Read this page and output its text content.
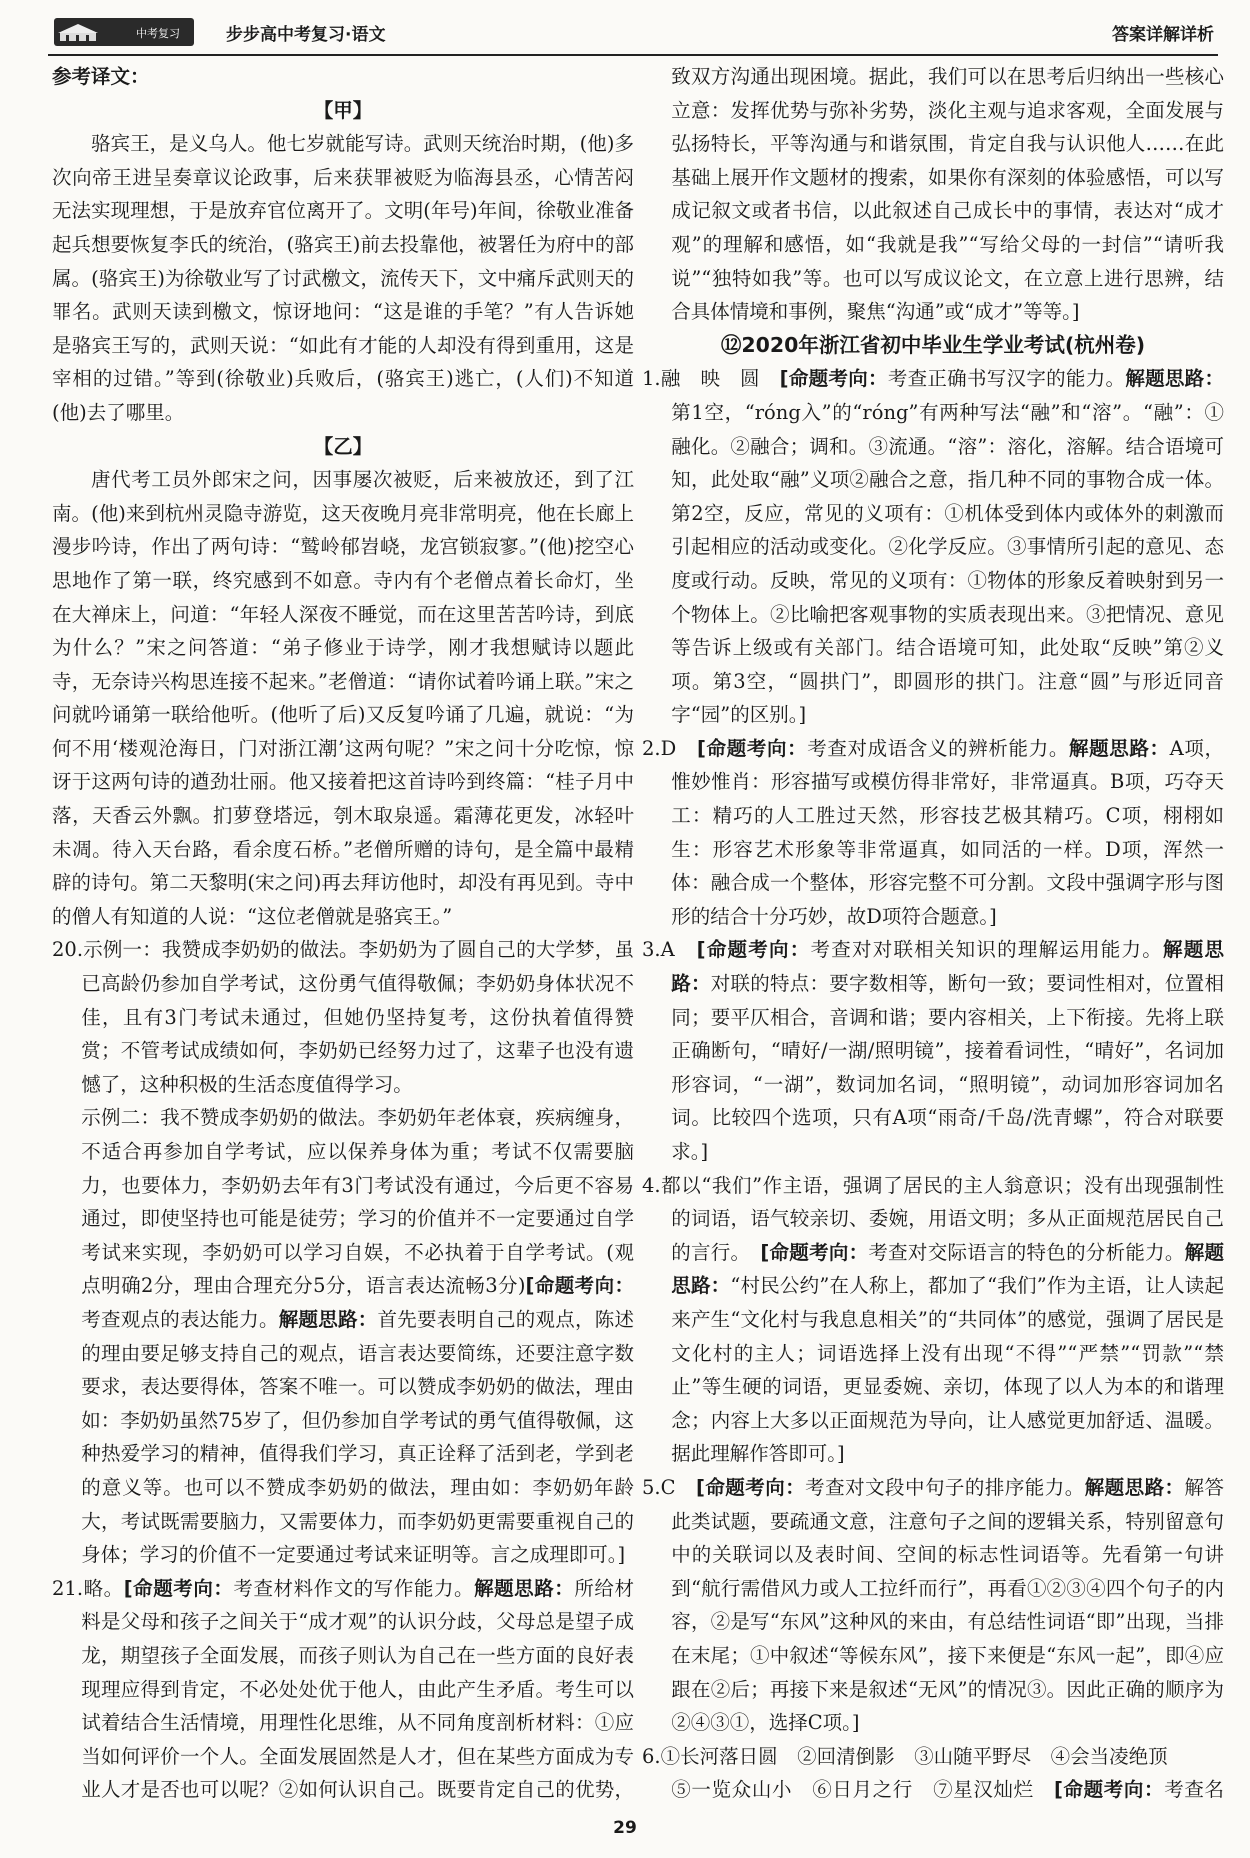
中考复习	步步高中考复习·语文	答案详解详析

参考译文：

【甲】

骆宾王，是义乌人。他七岁就能写诗。武则天统治时期，(他)多次向帝王进呈奏章议论政事，后来获罪被贬为临海县丞，心情苦闷无法实现理想，于是放弃官位离开了。文明(年号)年间，徐敬业准备起兵想要恢复李氏的统治，(骆宾王)前去投靠他，被署任为府中的部属。(骆宾王)为徐敬业写了讨武檄文，流传天下，文中痛斥武则天的罪名。武则天读到檄文，惊讶地问：“这是谁的手笔？”有人告诉她是骆宾王写的，武则天说：“如此有才能的人却没有得到重用，这是宰相的过错。”等到(徐敬业)兵败后，(骆宾王)逃亡，(人们)不知道(他)去了哪里。

【乙】

唐代考工员外郎宋之问，因事屡次被贬，后来被放还，到了江南。(他)来到杭州灵隐寺游览，这天夜晚月亮非常明亮，他在长廊上漫步吟诗，作出了两句诗：“鹫岭郁岧峣，龙宫锁寂寥。”(他)挖空心思地作了第一联，终究感到不如意。寺内有个老僧点着长命灯，坐在大禅床上，问道：“年轻人深夜不睡觉，而在这里苦苦吟诗，到底为什么？”宋之问答道：“弟子修业于诗学，刚才我想赋诗以题此寺，无奈诗兴构思连接不起来。”老僧道：“请你试着吟诵上联。”宋之问就吟诵第一联给他听。(他听了后)又反复吟诵了几遍，就说：“为何不用‘楼观沧海日，门对浙江潮’这两句呢？”宋之问十分吃惊，惊讶于这两句诗的遒劲壮丽。他又接着把这首诗吟到终篇：“桂子月中落，天香云外飘。扪萝登塔远，刳木取泉遥。霜薄花更发，冰轻叶未凋。待入天台路，看余度石桥。”老僧所赠的诗句，是全篇中最精辟的诗句。第二天黎明(宋之问)再去拜访他时，却没有再见到。寺中的僧人有知道的人说：“这位老僧就是骆宾王。”

20.示例一：我赞成李奶奶的做法。李奶奶为了圆自己的大学梦，虽已高龄仍参加自学考试，这份勇气值得敬佩；李奶奶身体状况不佳，且有3门考试未通过，但她仍坚持复考，这份执着值得赞赏；不管考试成绩如何，李奶奶已经努力过了，这辈子也没有遗憾了，这种积极的生活态度值得学习。

示例二：我不赞成李奶奶的做法。李奶奶年老体衰，疾病缠身，不适合再参加自学考试，应以保养身体为重；考试不仅需要脑力，也要体力，李奶奶去年有3门考试没有通过，今后更不容易通过，即使坚持也可能是徒劳；学习的价值并不一定要通过自学考试来实现，李奶奶可以学习自娱，不必执着于自学考试。(观点明确2分，理由合理充分5分，语言表达流畅3分)[命题考向：考查观点的表达能力。解题思路：首先要表明自己的观点，陈述的理由要足够支持自己的观点，语言表达要简练，还要注意字数要求，表达要得体，答案不唯一。可以赞成李奶奶的做法，理由如：李奶奶虽然75岁了，但仍参加自学考试的勇气值得敬佩，这种热爱学习的精神，值得我们学习，真正诠释了活到老，学到老的意义等。也可以不赞成李奶奶的做法，理由如：李奶奶年龄大，考试既需要脑力，又需要体力，而李奶奶更需要重视自己的身体；学习的价值不一定要通过考试来证明等。言之成理即可。]

21.略。[命题考向：考查材料作文的写作能力。解题思路：所给材料是父母和孩子之间关于“成才观”的认识分歧，父母总是望子成龙，期望孩子全面发展，而孩子则认为自己在一些方面的良好表现理应得到肯定，不必处处优于他人，由此产生矛盾。考生可以试着结合生活情境，用理性化思维，从不同角度剖析材料：①应当如何评价一个人。全面发展固然是人才，但在某些方面成为专业人才是否也可以呢？②如何认识自己。既要肯定自己的优势，

致双方沟通出现困境。据此，我们可以在思考后归纳出一些核心立意：发挥优势与弥补劣势，淡化主观与追求客观，全面发展与弘扬特长，平等沟通与和谐氛围，肯定自我与认识他人……在此基础上展开作文题材的搜索，如果你有深刻的体验感悟，可以写成记叙文或者书信，以此叙述自己成长中的事情，表达对“成才观”的理解和感悟，如“我就是我”“写给父母的一封信”“请听我说”“独特如我”等。也可以写成议论文，在立意上进行思辨，结合具体情境和事例，聚焦“沟通”或“成才”等等。]

⑫2020年浙江省初中毕业生学业考试(杭州卷)

1.融　映　圆　[命题考向：考查正确书写汉字的能力。解题思路：第1空，“róng入”的“róng”有两种写法“融”和“溶”。“融”：①融化。②融合；调和。③流通。“溶”：溶化，溶解。结合语境可知，此处取“融”义项②融合之意，指几种不同的事物合成一体。第2空，反应，常见的义项有：①机体受到体内或体外的刺激而引起相应的活动或变化。②化学反应。③事情所引起的意见、态度或行动。反映，常见的义项有：①物体的形象反着映射到另一个物体上。②比喻把客观事物的实质表现出来。③把情况、意见等告诉上级或有关部门。结合语境可知，此处取“反映”第②义项。第3空，“圆拱门”，即圆形的拱门。注意“圆”与形近同音字“园”的区别。]

2.D　[命题考向：考查对成语含义的辨析能力。解题思路：A项，惟妙惟肖：形容描写或模仿得非常好，非常逼真。B项，巧夺天工：精巧的人工胜过天然，形容技艺极其精巧。C项，栩栩如生：形容艺术形象等非常逼真，如同活的一样。D项，浑然一体：融合成一个整体，形容完整不可分割。文段中强调字形与图形的结合十分巧妙，故D项符合题意。]

3.A　[命题考向：考查对对联相关知识的理解运用能力。解题思路：对联的特点：要字数相等，断句一致；要词性相对，位置相同；要平仄相合，音调和谐；要内容相关，上下衔接。先将上联正确断句，“晴好/一湖/照明镜”，接着看词性，“晴好”，名词加形容词，“一湖”，数词加名词，“照明镜”，动词加形容词加名词。比较四个选项，只有A项“雨奇/千岛/洗青螺”，符合对联要求。]

4.都以“我们”作主语，强调了居民的主人翁意识；没有出现强制性的词语，语气较亲切、委婉，用语文明；多从正面规范居民自己的言行。　[命题考向：考查对交际语言的特色的分析能力。解题思路：“村民公约”在人称上，都加了“我们”作为主语，让人读起来产生“文化村与我息息相关”的“共同体”的感觉，强调了居民是文化村的主人；词语选择上没有出现“不得”“严禁”“罚款”“禁止”等生硬的词语，更显委婉、亲切，体现了以人为本的和谐理念；内容上大多以正面规范为导向，让人感觉更加舒适、温暖。据此理解作答即可。]

5.C　[命题考向：考查对文段中句子的排序能力。解题思路：解答此类试题，要疏通文意，注意句子之间的逻辑关系，特别留意句中的关联词以及表时间、空间的标志性词语等。先看第一句讲到“航行需借风力或人工拉纤而行”，再看①②③④四个句子的内容，②是写“东风”这种风的来由，有总结性词语“即”出现，当排在末尾；①中叙述“等候东风”，接下来便是“东风一起”，即④应跟在②后；再接下来是叙述“无风”的情况③。因此正确的顺序为②④③①，选择C项。]

6.①长河落日圆　②回清倒影　③山随平野尽　④会当凌绝顶

⑤一览众山小　⑥日月之行　⑦星汉灿烂　[命题考向：考查名

29
